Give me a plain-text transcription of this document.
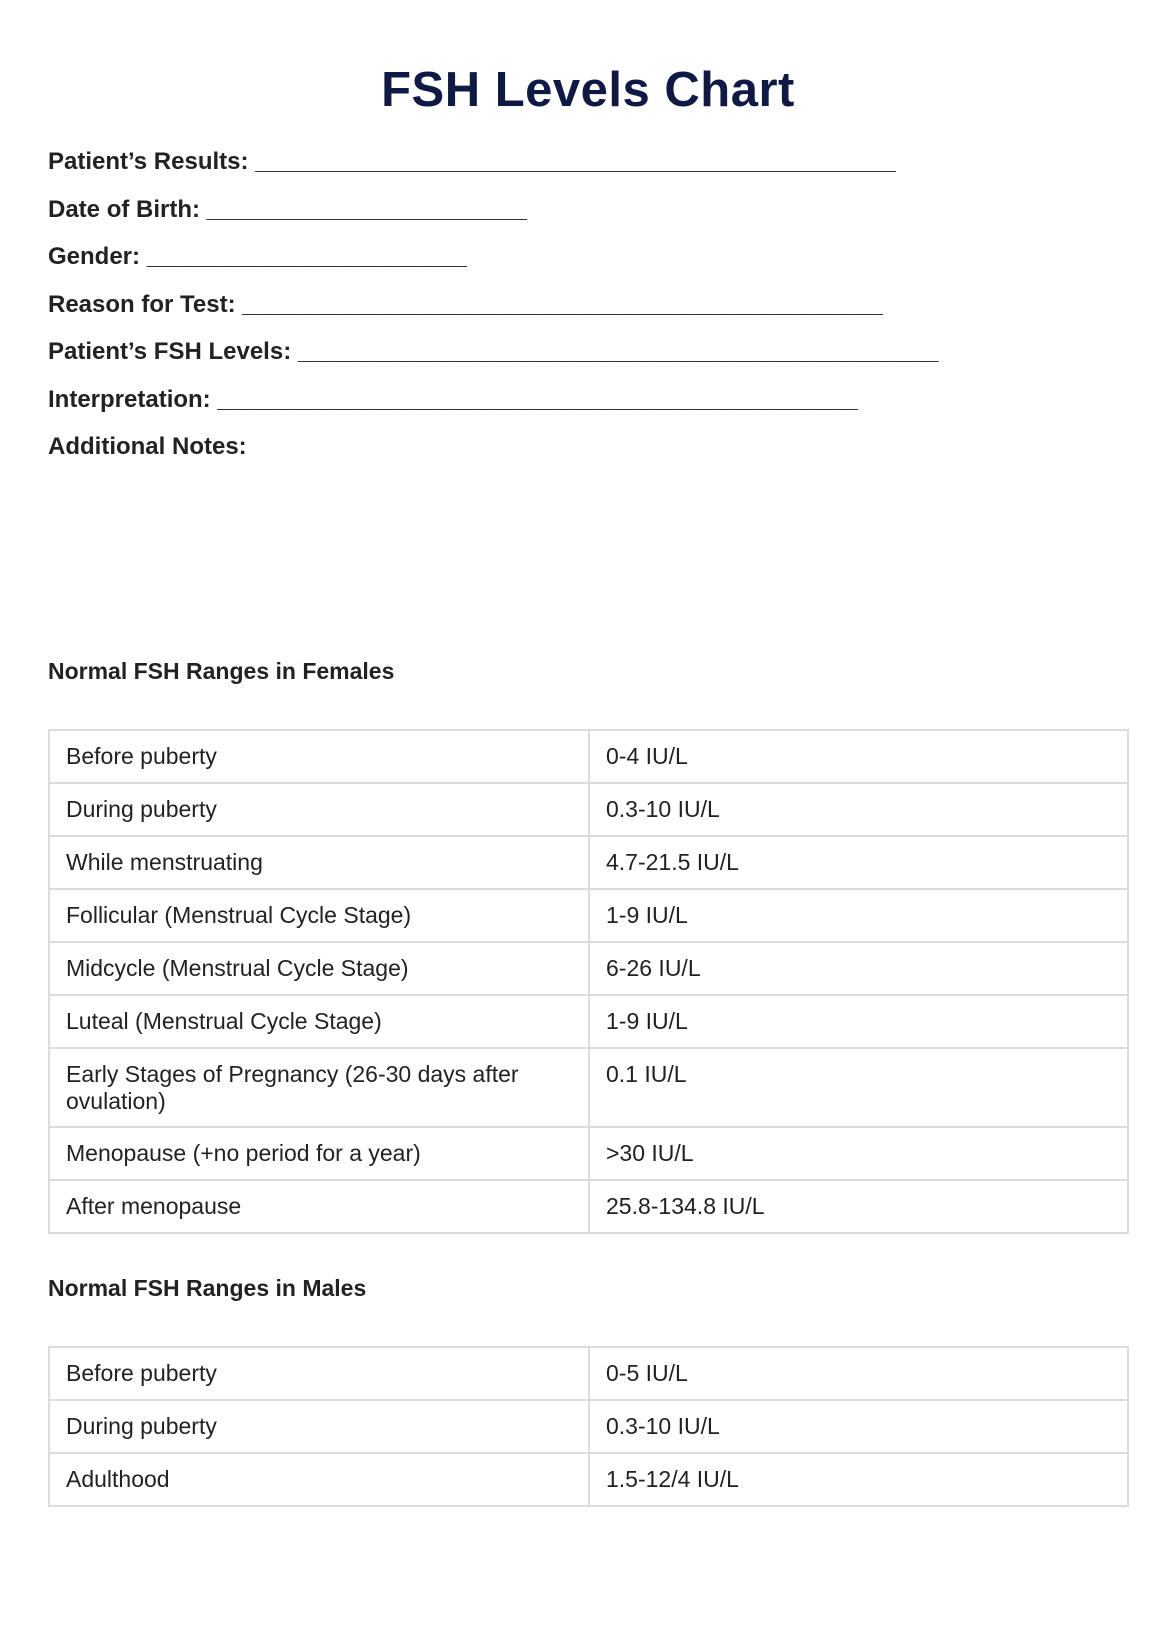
FSH Levels Chart
Patient’s Results: ________________________________________________
Date of Birth: ________________________
Gender: ________________________
Reason for Test: ________________________________________________
Patient’s FSH Levels: ________________________________________________
Interpretation: ________________________________________________
Additional Notes:
Normal FSH Ranges in Females
Before puberty	0-4 IU/L
During puberty	0.3-10 IU/L
While menstruating	4.7-21.5 IU/L
Follicular (Menstrual Cycle Stage)	1-9 IU/L
Midcycle (Menstrual Cycle Stage)	6-26 IU/L
Luteal (Menstrual Cycle Stage)	1-9 IU/L
Early Stages of Pregnancy (26-30 days after ovulation)	0.1 IU/L
Menopause (+no period for a year)	>30 IU/L
After menopause	25.8-134.8 IU/L
Normal FSH Ranges in Males
Before puberty	0-5 IU/L
During puberty	0.3-10 IU/L
Adulthood	1.5-12/4 IU/L
